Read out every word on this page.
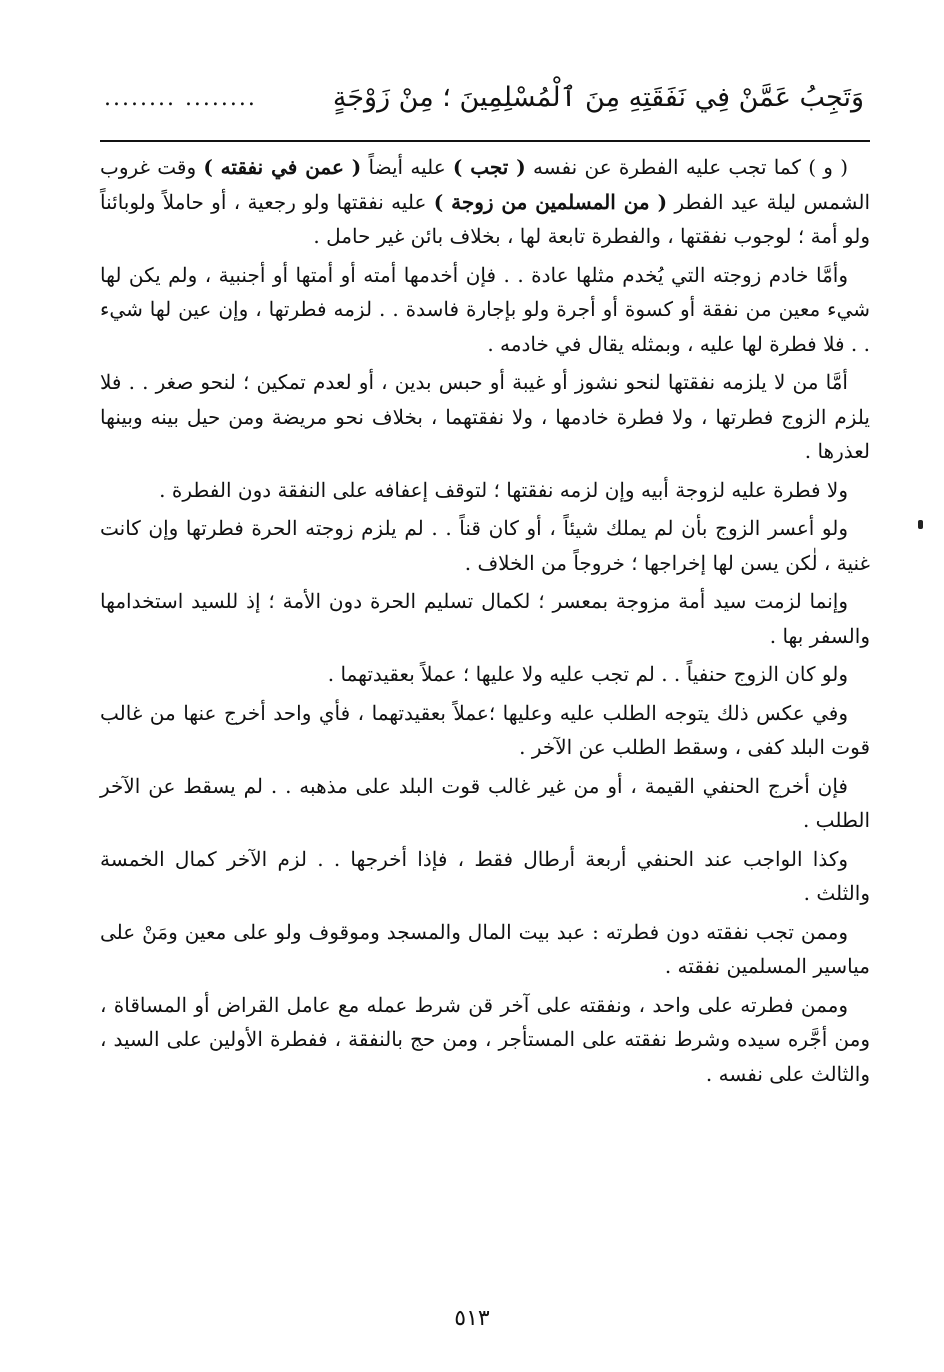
وَتَجِبُ عَمَّنْ فِي نَفَقَتِهِ مِنَ ٱلْمُسْلِمِينَ ؛ مِنْ زَوْجَةٍ
........ ........

( و ) كما تجب عليه الفطرة عن نفسه ( تجب ) عليه أيضاً ( عمن في نفقته ) وقت غروب الشمس ليلة عيد الفطر ( من المسلمين من زوجة ) عليه نفقتها ولو رجعية ، أو حاملاً ولوبائناً ولو أمة ؛ لوجوب نفقتها ، والفطرة تابعة لها ، بخلاف بائن غير حامل .

وأمَّا خادم زوجته التي يُخدم مثلها عادة . . فإن أخدمها أمته أو أمتها أو أجنبية ، ولم يكن لها شيء معين من نفقة أو كسوة أو أجرة ولو بإجارة فاسدة . . لزمه فطرتها ، وإن عين لها شيء . . فلا فطرة لها عليه ، وبمثله يقال في خادمه .

أمَّا من لا يلزمه نفقتها لنحو نشوز أو غيبة أو حبس بدين ، أو لعدم تمكين ؛ لنحو صغر . . فلا يلزم الزوج فطرتها ، ولا فطرة خادمها ، ولا نفقتهما ، بخلاف نحو مريضة ومن حيل بينه وبينها لعذرها .

ولا فطرة عليه لزوجة أبيه وإن لزمه نفقتها ؛ لتوقف إعفافه على النفقة دون الفطرة .

ولو أعسر الزوج بأن لم يملك شيئاً ، أو كان قناً . . لم يلزم زوجته الحرة فطرتها وإن كانت غنية ، لٰكن يسن لها إخراجها ؛ خروجاً من الخلاف .

وإنما لزمت سيد أمة مزوجة بمعسر ؛ لكمال تسليم الحرة دون الأمة ؛ إذ للسيد استخدامها والسفر بها .

ولو كان الزوج حنفياً . . لم تجب عليه ولا عليها ؛ عملاً بعقيدتهما .

وفي عكس ذلك يتوجه الطلب عليه وعليها ؛عملاً بعقيدتهما ، فأي واحد أخرج عنها من غالب قوت البلد كفى ، وسقط الطلب عن الآخر .

فإن أخرج الحنفي القيمة ، أو من غير غالب قوت البلد على مذهبه . . لم يسقط عن الآخر الطلب .

وكذا الواجب عند الحنفي أربعة أرطال فقط ، فإذا أخرجها . . لزم الآخر كمال الخمسة والثلث .

وممن تجب نفقته دون فطرته : عبد بيت المال والمسجد وموقوف ولو على معين ومَنْ على مياسير المسلمين نفقته .

وممن فطرته على واحد ، ونفقته على آخر قن شرط عمله مع عامل القراض أو المساقاة ، ومن أجَّره سيده وشرط نفقته على المستأجر ، ومن حج بالنفقة ، ففطرة الأولين على السيد ، والثالث على نفسه .

٥١٣
